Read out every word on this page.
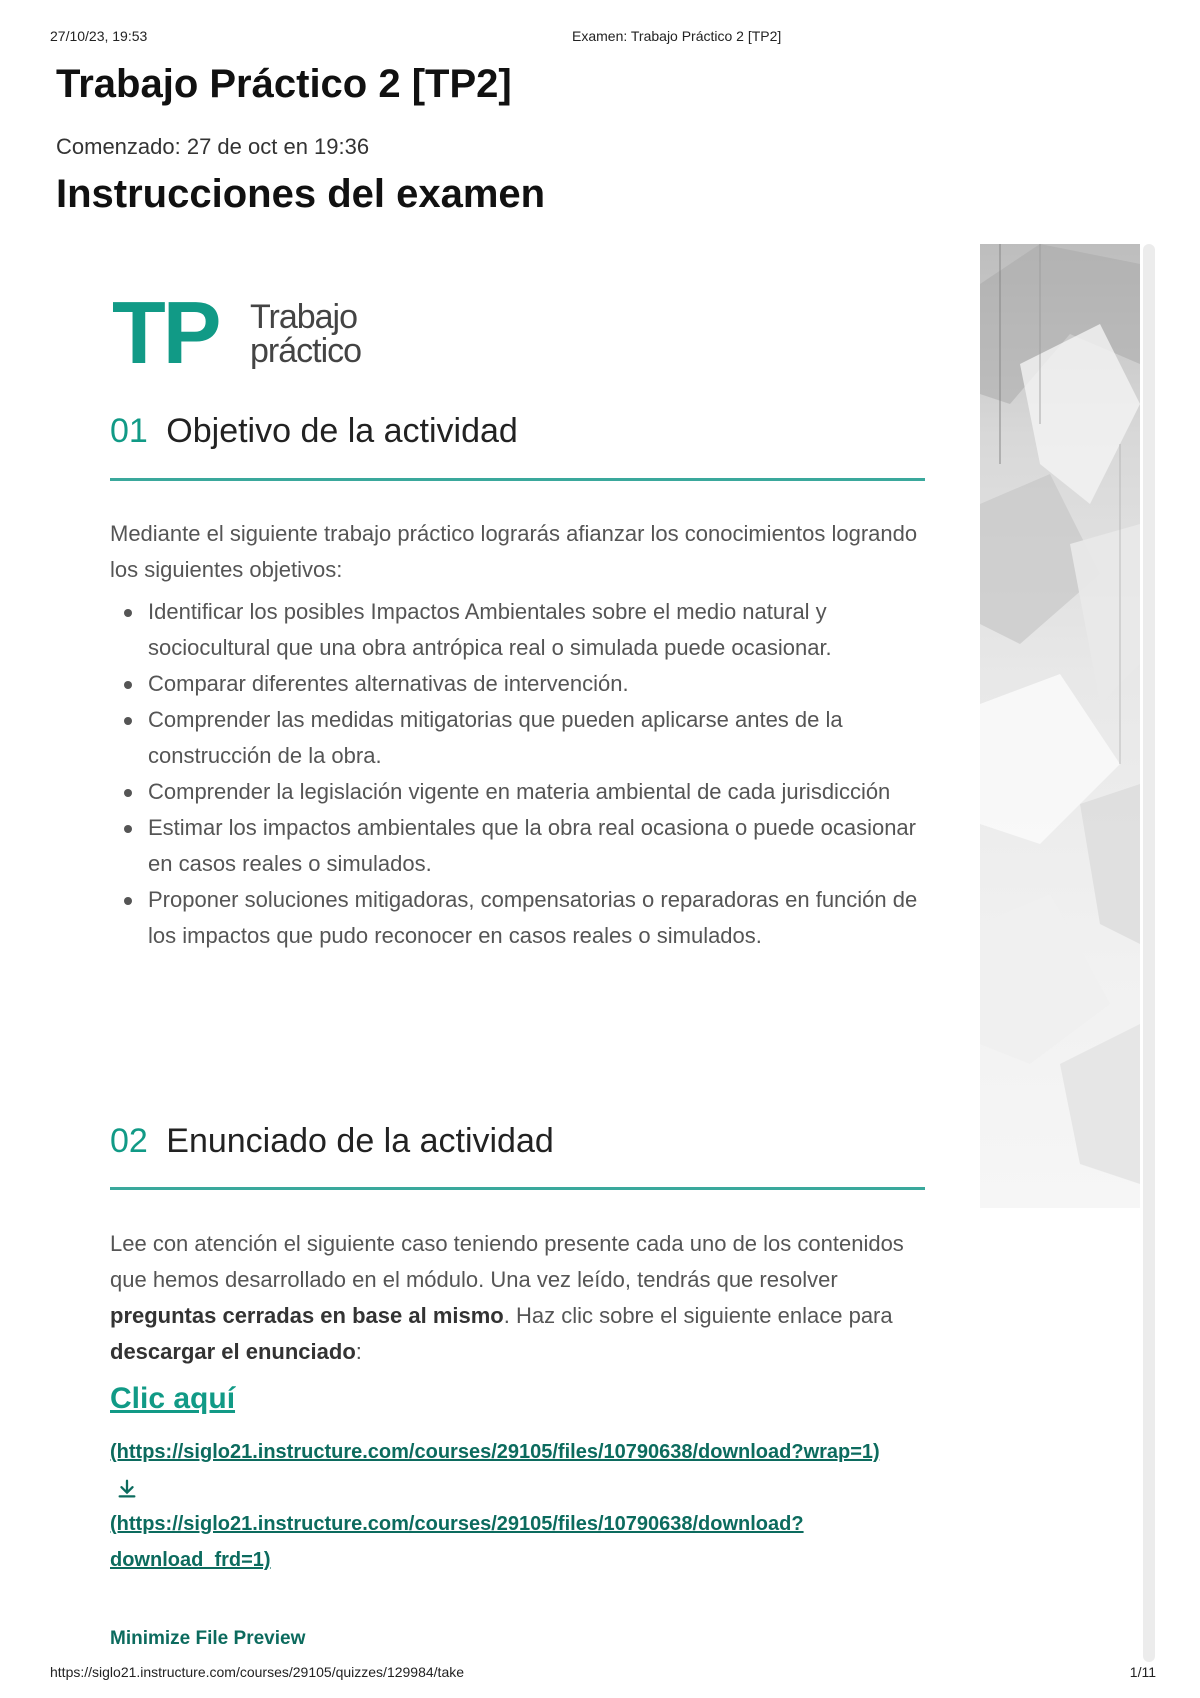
27/10/23, 19:53	Examen: Trabajo Práctico 2 [TP2]
Trabajo Práctico 2 [TP2]
Comenzado: 27 de oct en 19:36
Instrucciones del examen
TP Trabajo
práctico
01 Objetivo de la actividad
Mediante el siguiente trabajo práctico lograrás afianzar los conocimientos logrando los siguientes objetivos:
Identificar los posibles Impactos Ambientales sobre el medio natural y sociocultural que una obra antrópica real o simulada puede ocasionar.
Comparar diferentes alternativas de intervención.
Comprender las medidas mitigatorias que pueden aplicarse antes de la construcción de la obra.
Comprender la legislación vigente en materia ambiental de cada jurisdicción
Estimar los impactos ambientales que la obra real ocasiona o puede ocasionar en casos reales o simulados.
Proponer soluciones mitigadoras, compensatorias o reparadoras en función de los impactos que pudo reconocer en casos reales o simulados.
02 Enunciado de la actividad
Lee con atención el siguiente caso teniendo presente cada uno de los contenidos que hemos desarrollado en el módulo. Una vez leído, tendrás que resolver preguntas cerradas en base al mismo. Haz clic sobre el siguiente enlace para descargar el enunciado:
Clic aquí
(https://siglo21.instructure.com/courses/29105/files/10790638/download?wrap=1)
(https://siglo21.instructure.com/courses/29105/files/10790638/download?download_frd=1)
Minimize File Preview
https://siglo21.instructure.com/courses/29105/quizzes/129984/take	1/11
